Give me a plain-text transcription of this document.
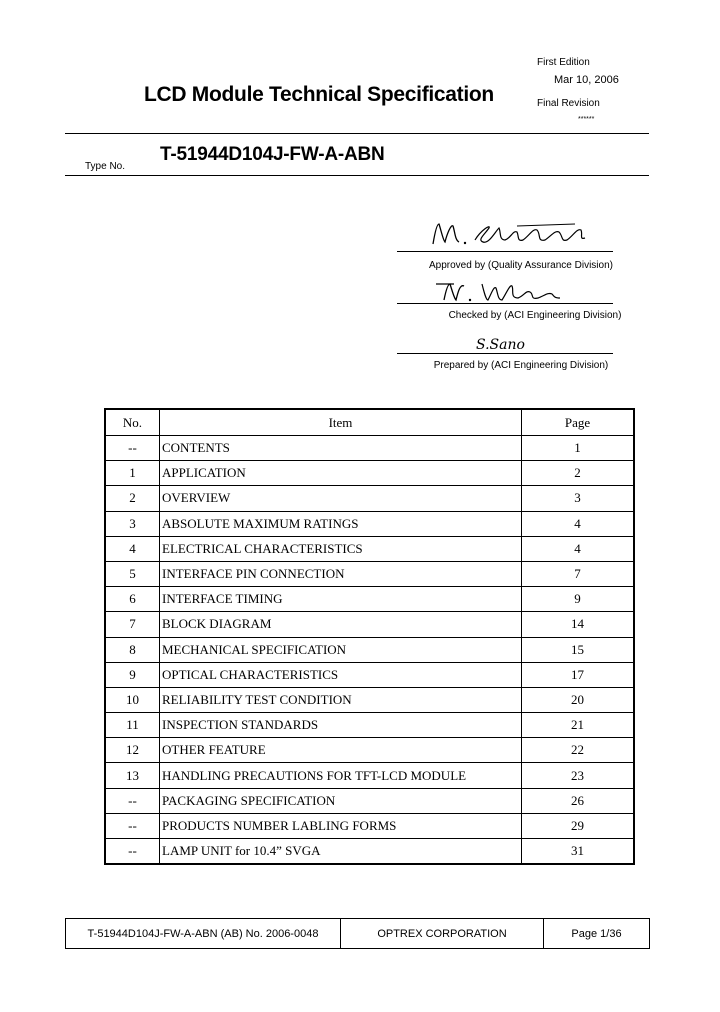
First Edition
Mar 10, 2006
Final Revision
******
LCD Module Technical Specification
Type No.
T-51944D104J-FW-A-ABN
Approved by (Quality Assurance Division)
Checked by (ACI Engineering Division)
S.Sano
Prepared by (ACI Engineering Division)
No.	Item	Page
--	CONTENTS	1
1	APPLICATION	2
2	OVERVIEW	3
3	ABSOLUTE MAXIMUM RATINGS	4
4	ELECTRICAL CHARACTERISTICS	4
5	INTERFACE PIN CONNECTION	7
6	INTERFACE TIMING	9
7	BLOCK DIAGRAM	14
8	MECHANICAL SPECIFICATION	15
9	OPTICAL CHARACTERISTICS	17
10	RELIABILITY TEST CONDITION	20
11	INSPECTION STANDARDS	21
12	OTHER FEATURE	22
13	HANDLING PRECAUTIONS FOR TFT-LCD MODULE	23
--	PACKAGING SPECIFICATION	26
--	PRODUCTS NUMBER LABLING FORMS	29
--	LAMP UNIT for 10.4” SVGA	31
T-51944D104J-FW-A-ABN (AB) No. 2006-0048	OPTREX CORPORATION	Page 1/36
